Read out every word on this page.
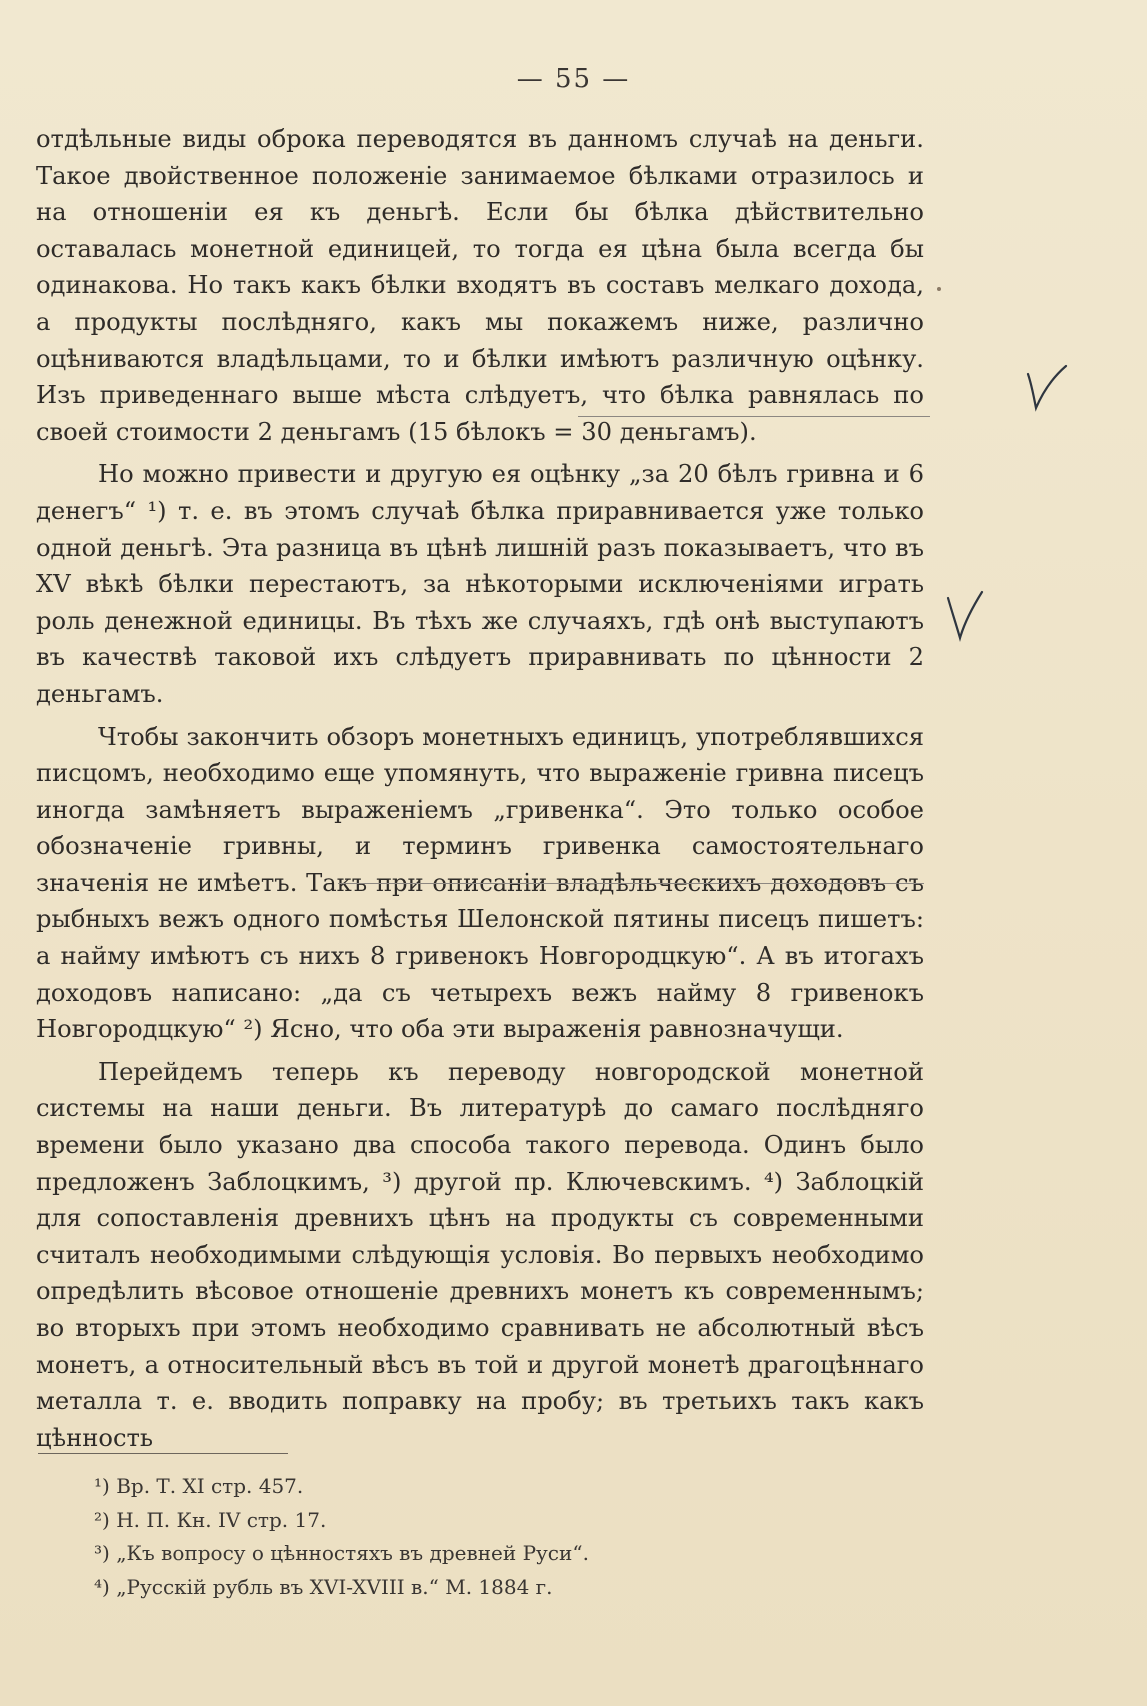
— 55 —

отдѣльные виды оброка переводятся въ данномъ случаѣ на деньги. Такое двойственное положенiе занимаемое бѣлками отразилось и на отношенiи ея къ деньгѣ. Если бы бѣлка дѣйствительно оставалась монетной единицей, то тогда ея цѣна была всегда бы одинакова. Но такъ какъ бѣлки входятъ въ составъ мелкаго дохода, а продукты послѣдняго, какъ мы покажемъ ниже, различно оцѣниваются владѣльцами, то и бѣлки имѣютъ различную оцѣнку. Изъ приведеннаго выше мѣста слѣдуетъ, что бѣлка равнялась по своей стоимости 2 деньгамъ (15 бѣлокъ = 30 деньгамъ).

Но можно привести и другую ея оцѣнку „за 20 бѣлъ гривна и 6 денегъ“ ¹) т. е. въ этомъ случаѣ бѣлка приравнивается уже только одной деньгѣ. Эта разница въ цѣнѣ лишнiй разъ показываетъ, что въ XV вѣкѣ бѣлки перестаютъ, за нѣкоторыми исключенiями играть роль денежной единицы. Въ тѣхъ же случаяхъ, гдѣ онѣ выступаютъ въ качествѣ таковой ихъ слѣдуетъ приравнивать по цѣнности 2 деньгамъ.

Чтобы закончить обзоръ монетныхъ единицъ, употреблявшихся писцомъ, необходимо еще упомянуть, что выраженiе гривна писецъ иногда замѣняетъ выраженiемъ „гривенка“. Это только особое обозначенiе гривны, и терминъ гривенка самостоятельнаго значенiя не имѣетъ. Такъ при описанiи владѣльческихъ доходовъ съ рыбныхъ вежъ одного помѣстья Шелонской пятины писецъ пишетъ: а найму имѣютъ съ нихъ 8 гривенокъ Новгородцкую“. А въ итогахъ доходовъ написано: „да съ четырехъ вежъ найму 8 гривенокъ Новгородцкую“ ²) Ясно, что оба эти выраженiя равнозначущи.

Перейдемъ теперь къ переводу новгородской монетной системы на наши деньги. Въ литературѣ до самаго послѣдняго времени было указано два способа такого перевода. Одинъ было предложенъ Заблоцкимъ, ³) другой пр. Ключевскимъ. ⁴) Заблоцкiй для сопоставленiя древнихъ цѣнъ на продукты съ современными считалъ необходимыми слѣдующiя условiя. Во первыхъ необходимо опредѣлить вѣсовое отношенiе древнихъ монетъ къ современнымъ; во вторыхъ при этомъ необходимо сравнивать не абсолютный вѣсъ монетъ, а относительный вѣсъ въ той и другой монетѣ драгоцѣннаго металла т. е. вводить поправку на пробу; въ третьихъ такъ какъ цѣнность

¹) Вр. Т. XI стр. 457.
²) Н. П. Кн. IV стр. 17.
³) „Къ вопросу о цѣнностяхъ въ древней Руси“.
⁴) „Русскiй рубль въ XVI-XVIII в.“ М. 1884 г.
